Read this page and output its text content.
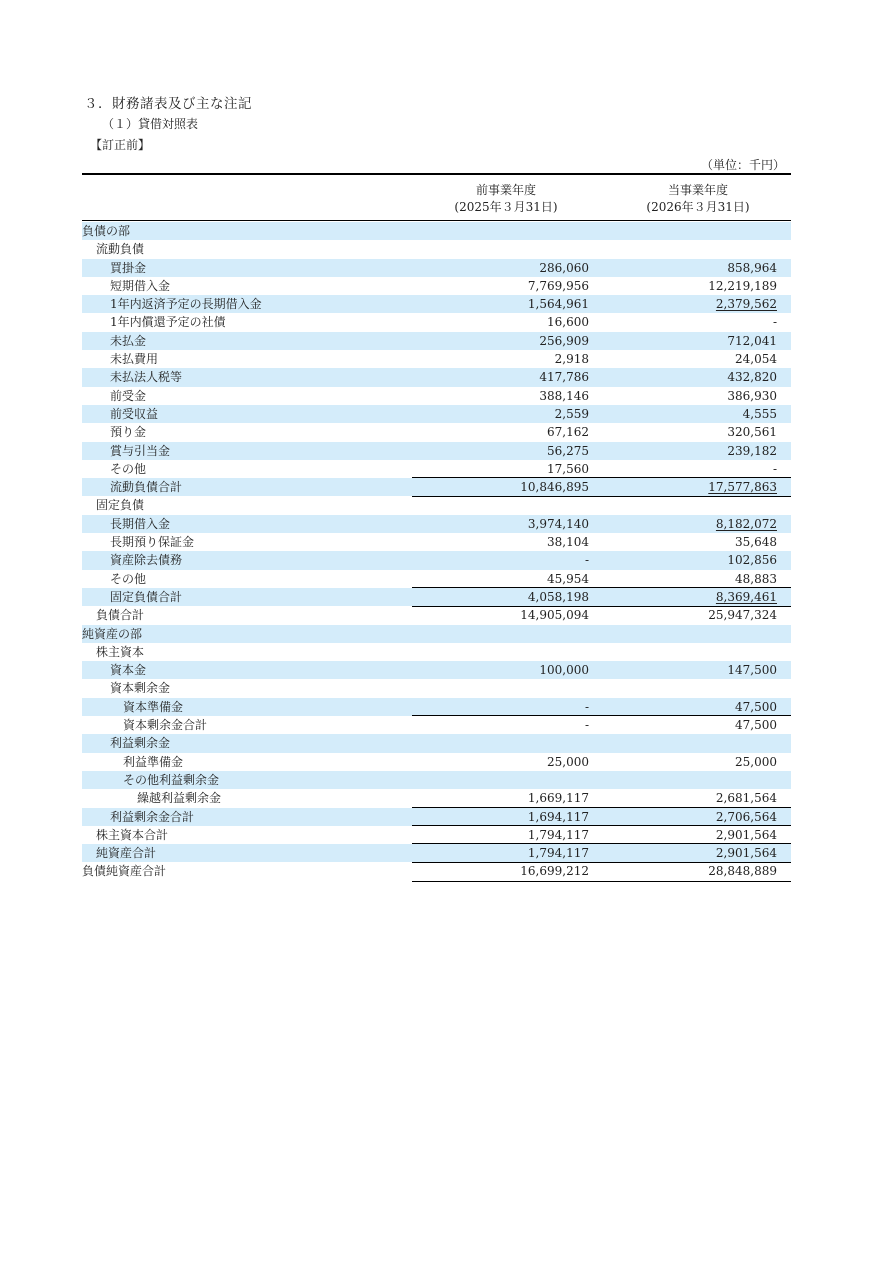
３．財務諸表及び主な注記
（１）貸借対照表
【訂正前】
（単位：千円）
前事業年度
(2025年３月31日)
当事業年度
(2026年３月31日)
負債の部
流動負債
買掛金	286,060	858,964
短期借入金	7,769,956	12,219,189
1年内返済予定の長期借入金	1,564,961	2,379,562
1年内償還予定の社債	16,600	-
未払金	256,909	712,041
未払費用	2,918	24,054
未払法人税等	417,786	432,820
前受金	388,146	386,930
前受収益	2,559	4,555
預り金	67,162	320,561
賞与引当金	56,275	239,182
その他	17,560	-
流動負債合計	10,846,895	17,577,863
固定負債
長期借入金	3,974,140	8,182,072
長期預り保証金	38,104	35,648
資産除去債務	-	102,856
その他	45,954	48,883
固定負債合計	4,058,198	8,369,461
負債合計	14,905,094	25,947,324
純資産の部
株主資本
資本金	100,000	147,500
資本剰余金
資本準備金	-	47,500
資本剰余金合計	-	47,500
利益剰余金
利益準備金	25,000	25,000
その他利益剰余金
繰越利益剰余金	1,669,117	2,681,564
利益剰余金合計	1,694,117	2,706,564
株主資本合計	1,794,117	2,901,564
純資産合計	1,794,117	2,901,564
負債純資産合計	16,699,212	28,848,889
